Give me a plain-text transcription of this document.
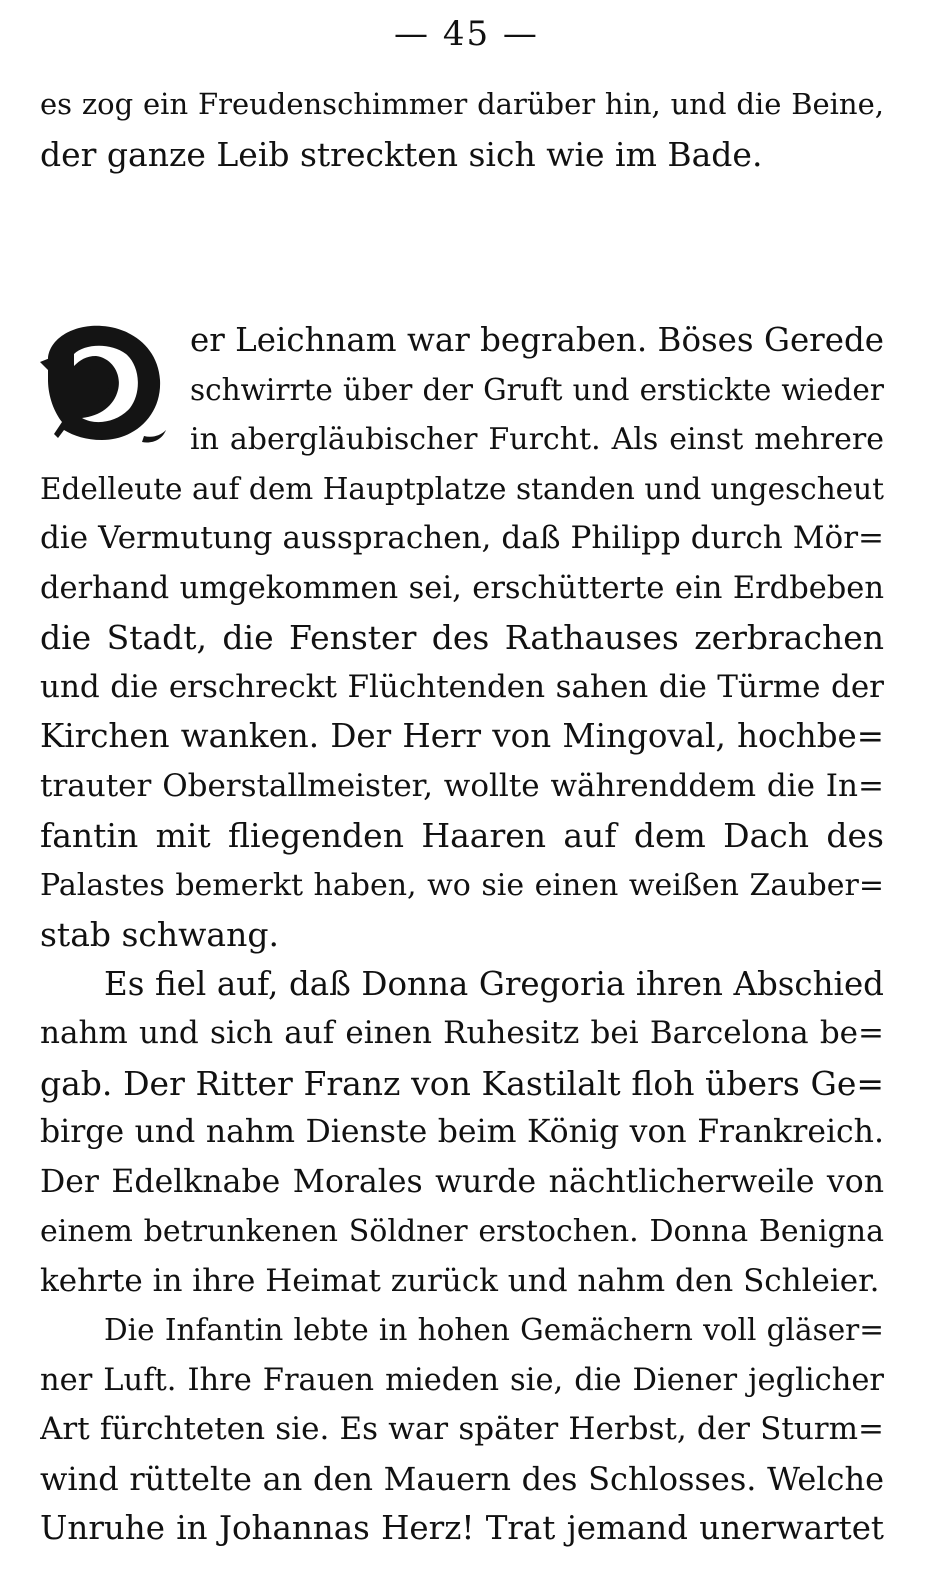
— 45 —
es zog ein Freudenschimmer darüber hin, und die Beine,
der ganze Leib streckten sich wie im Bade.
er Leichnam war begraben. Böses Gerede
schwirrte über der Gruft und erstickte wieder
in abergläubischer Furcht. Als einst mehrere
Edelleute auf dem Hauptplatze standen und ungescheut
die Vermutung aussprachen, daß Philipp durch Mör=
derhand umgekommen sei, erschütterte ein Erdbeben
die Stadt, die Fenster des Rathauses zerbrachen
und die erschreckt Flüchtenden sahen die Türme der
Kirchen wanken. Der Herr von Mingoval, hochbe=
trauter Oberstallmeister, wollte währenddem die In=
fantin mit fliegenden Haaren auf dem Dach des
Palastes bemerkt haben, wo sie einen weißen Zauber=
stab schwang.
Es fiel auf, daß Donna Gregoria ihren Abschied
nahm und sich auf einen Ruhesitz bei Barcelona be=
gab. Der Ritter Franz von Kastilalt floh übers Ge=
birge und nahm Dienste beim König von Frankreich.
Der Edelknabe Morales wurde nächtlicherweile von
einem betrunkenen Söldner erstochen. Donna Benigna
kehrte in ihre Heimat zurück und nahm den Schleier.
Die Infantin lebte in hohen Gemächern voll gläser=
ner Luft. Ihre Frauen mieden sie, die Diener jeglicher
Art fürchteten sie. Es war später Herbst, der Sturm=
wind rüttelte an den Mauern des Schlosses. Welche
Unruhe in Johannas Herz! Trat jemand unerwartet
